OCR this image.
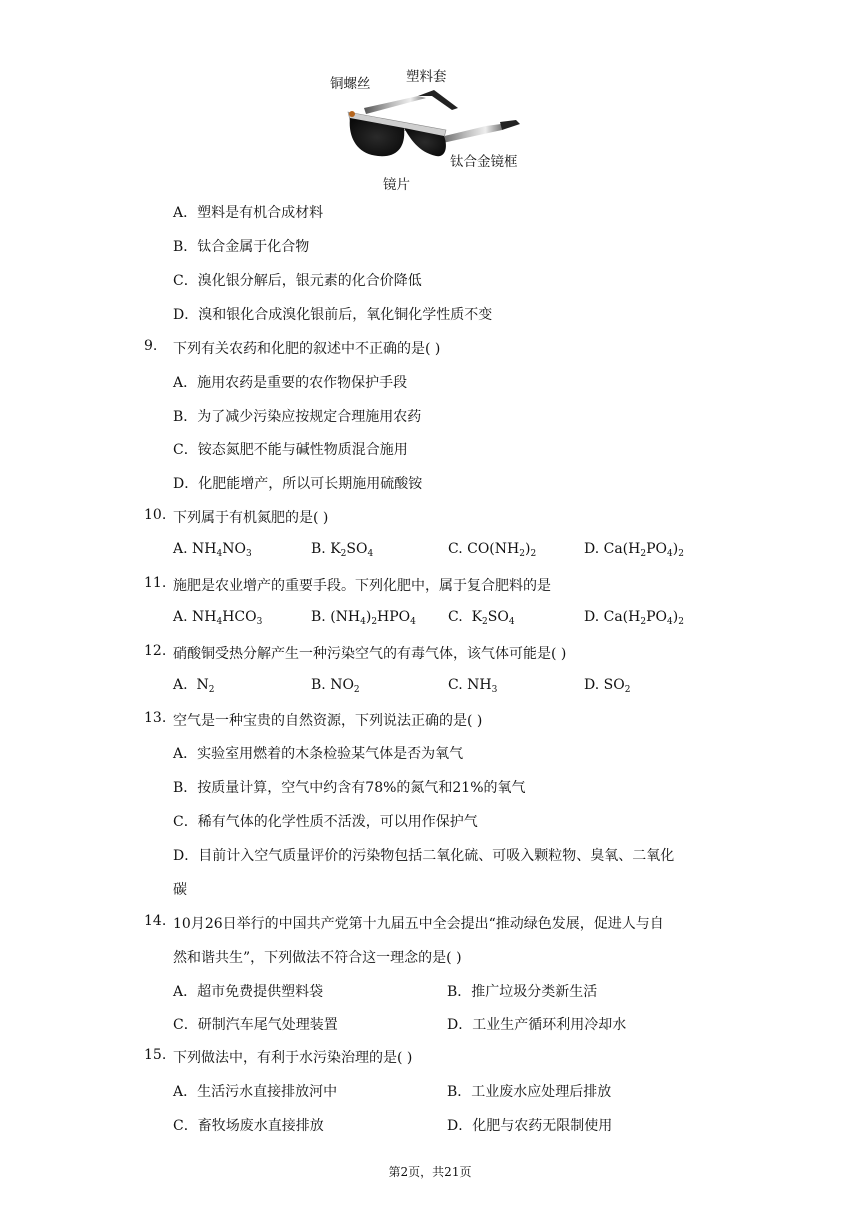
铜螺丝	塑料套
钛合金镜框
镜片
A．塑料是有机合成材料
B．钛合金属于化合物
C．溴化银分解后，银元素的化合价降低
D．溴和银化合成溴化银前后，氧化铜化学性质不变
9. 下列有关农药和化肥的叙述中不正确的是( )
A．施用农药是重要的农作物保护手段
B．为了减少污染应按规定合理施用农药
C．铵态氮肥不能与碱性物质混合施用
D．化肥能增产，所以可长期施用硫酸铵
10. 下列属于有机氮肥的是( )
A. $NH_4NO_3$	B. $K_2SO_4$	C. $CO(NH_2)_2$	D. $Ca(H_2PO_4)_2$
11. 施肥是农业增产的重要手段。下列化肥中，属于复合肥料的是
A. $NH_4HCO_3$	B. $(NH_4)_2HPO_4$ C.  $K_2SO_4$	D. $Ca(H_2PO_4)_2$
12. 硝酸铜受热分解产生一种污染空气的有毒气体，该气体可能是( )
A.  $N_2$	B. $NO_2$	C. $NH_3$	D. $SO_2$
13. 空气是一种宝贵的自然资源，下列说法正确的是( )
A．实验室用燃着的木条检验某气体是否为氧气
B．按质量计算，空气中约含有78%的氮气和21%的氧气
C．稀有气体的化学性质不活泼，可以用作保护气
D．目前计入空气质量评价的污染物包括二氧化硫、可吸入颗粒物、臭氧、二氧化
碳
14. 10月26日举行的中国共产党第十九届五中全会提出“推动绿色发展，促进人与自
然和谐共生”，下列做法不符合这一理念的是( )
A．超市免费提供塑料袋	B．推广垃圾分类新生活
C．研制汽车尾气处理装置	D．工业生产循环利用冷却水
15. 下列做法中，有利于水污染治理的是( )
A．生活污水直接排放河中	B．工业废水应处理后排放
C．畜牧场废水直接排放	D．化肥与农药无限制使用
第2页，共21页
